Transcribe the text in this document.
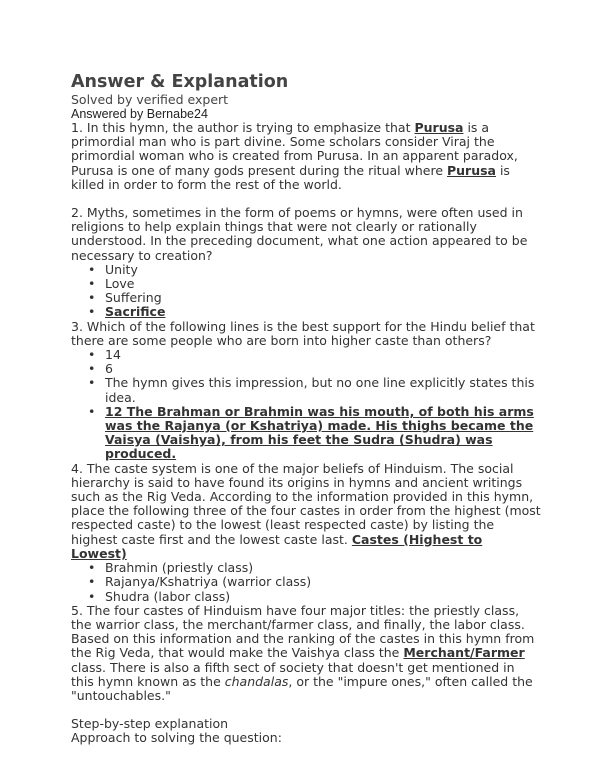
Answer & Explanation
Solved by verified expert
Answered by Bernabe24

1. In this hymn, the author is trying to emphasize that Purusa is a primordial man who is part divine. Some scholars consider Viraj the primordial woman who is created from Purusa. In an apparent paradox, Purusa is one of many gods present during the ritual where Purusa is killed in order to form the rest of the world.

2. Myths, sometimes in the form of poems or hymns, were often used in religions to help explain things that were not clearly or rationally understood. In the preceding document, what one action appeared to be necessary to creation?

• Unity
• Love
• Suffering
• Sacrifice

3. Which of the following lines is the best support for the Hindu belief that there are some people who are born into higher caste than others?

• 14
• 6
• The hymn gives this impression, but no one line explicitly states this idea.
• 12 The Brahman or Brahmin was his mouth, of both his arms was the Rajanya (or Kshatriya) made. His thighs became the Vaisya (Vaishya), from his feet the Sudra (Shudra) was produced.

4. The caste system is one of the major beliefs of Hinduism. The social hierarchy is said to have found its origins in hymns and ancient writings such as the Rig Veda. According to the information provided in this hymn, place the following three of the four castes in order from the highest (most respected caste) to the lowest (least respected caste) by listing the highest caste first and the lowest caste last. Castes (Highest to Lowest)

• Brahmin (priestly class)
• Rajanya/Kshatriya (warrior class)
• Shudra (labor class)

5. The four castes of Hinduism have four major titles: the priestly class, the warrior class, the merchant/farmer class, and finally, the labor class. Based on this information and the ranking of the castes in this hymn from the Rig Veda, that would make the Vaishya class the Merchant/Farmer class. There is also a fifth sect of society that doesn't get mentioned in this hymn known as the chandalas, or the "impure ones," often called the "untouchables."

Step-by-step explanation

Approach to solving the question:
